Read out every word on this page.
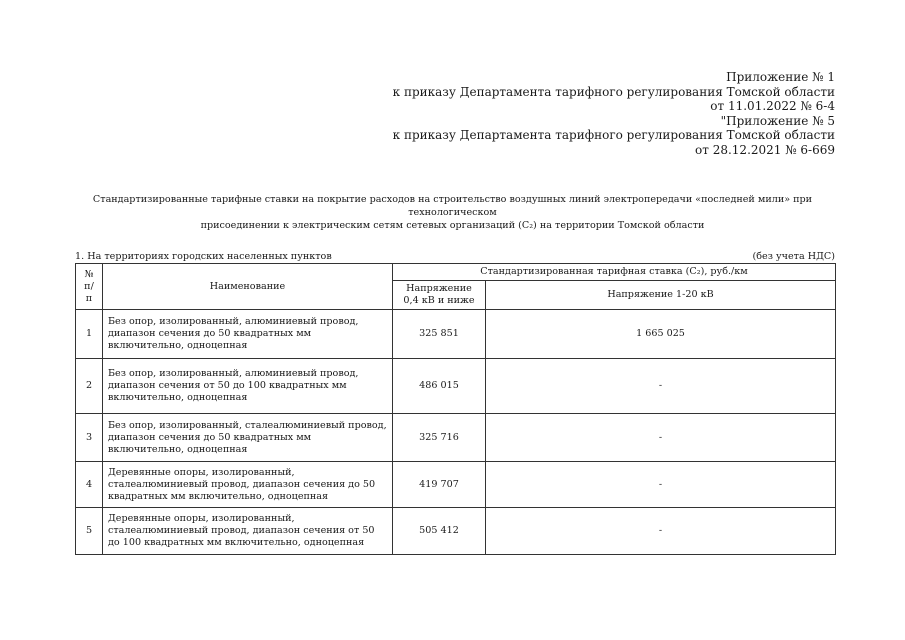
Приложение № 1
к приказу Департамента тарифного регулирования Томской области
от 11.01.2022 № 6-4
"Приложение № 5
к приказу Департамента тарифного регулирования Томской области
от 28.12.2021 № 6-669
Стандартизированные тарифные ставки на покрытие расходов на строительство воздушных линий электропередачи «последней мили» при технологическом
присоединении к электрическим сетям сетевых организаций (C₂) на территории Томской области
1. На территориях городских населенных пунктов	(без учета НДС)
№ п/п	Наименование	Стандартизированная тарифная ставка (C₂), руб./км	
		Напряжение 0,4 кВ и ниже	Напряжение 1-20 кВ
1	Без опор, изолированный, алюминиевый провод, диапазон сечения до 50 квадратных мм включительно, одноцепная	325 851	1 665 025
2	Без опор, изолированный, алюминиевый провод, диапазон сечения от 50 до 100 квадратных мм включительно, одноцепная	486 015	-
3	Без опор, изолированный, сталеалюминиевый провод, диапазон сечения до 50 квадратных мм включительно, одноцепная	325 716	-
4	Деревянные опоры, изолированный, сталеалюминиевый провод, диапазон сечения до 50 квадратных мм включительно, одноцепная	419 707	-
5	Деревянные опоры, изолированный, сталеалюминиевый провод, диапазон сечения от 50 до 100 квадратных мм включительно, одноцепная	505 412	-
